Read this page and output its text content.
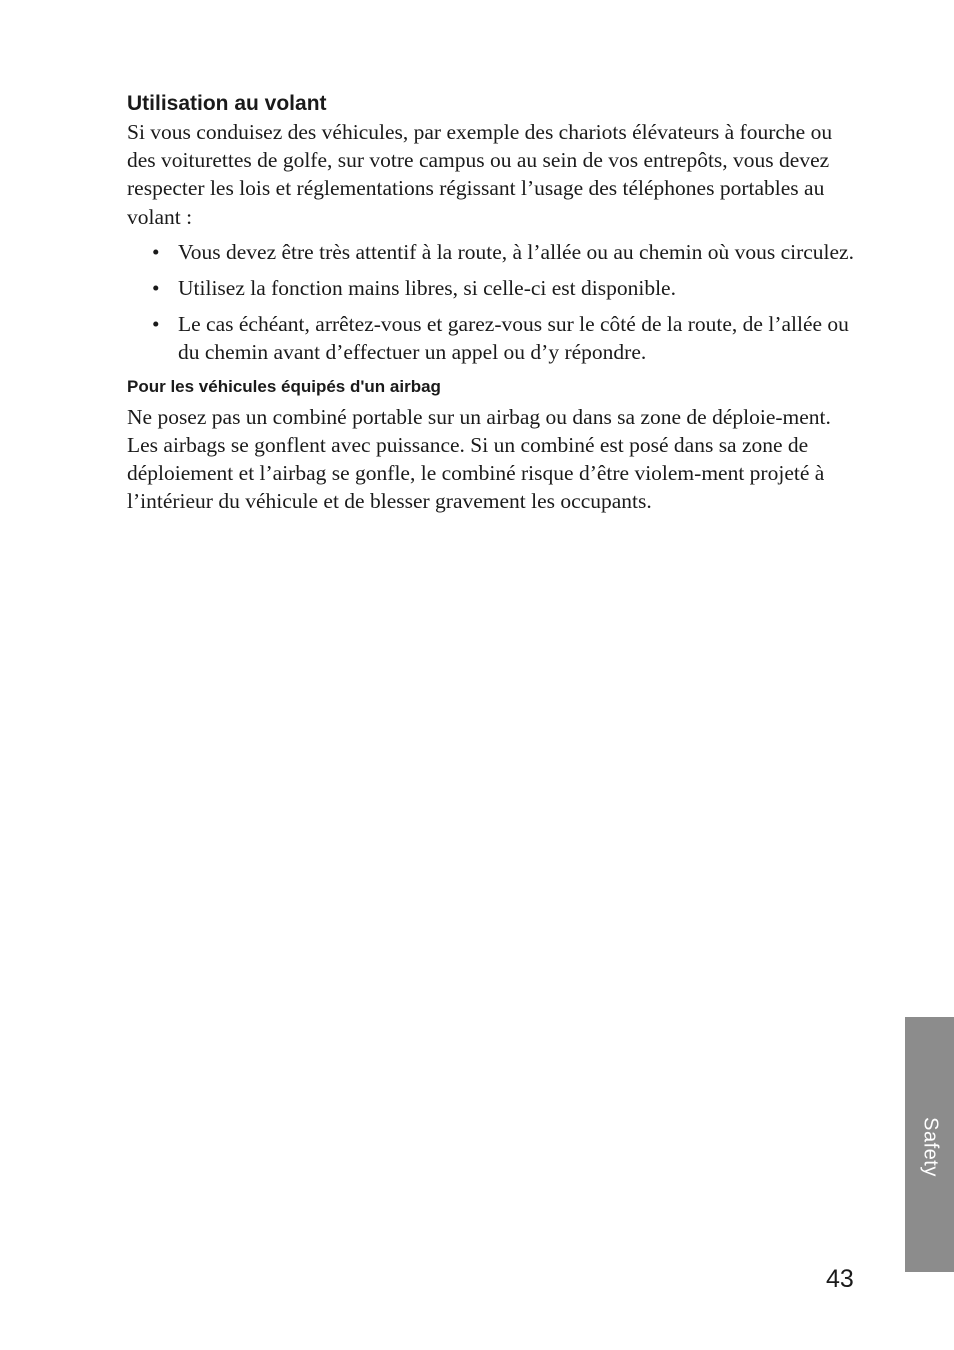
Utilisation au volant

Si vous conduisez des véhicules, par exemple des chariots élévateurs à fourche ou des voiturettes de golfe, sur votre campus ou au sein de vos entrepôts, vous devez respecter les lois et réglementations régissant l’usage des téléphones portables au volant :

• Vous devez être très attentif à la route, à l’allée ou au chemin où vous circulez.
• Utilisez la fonction mains libres, si celle-ci est disponible.
• Le cas échéant, arrêtez-vous et garez-vous sur le côté de la route, de l’allée ou du chemin avant d’effectuer un appel ou d’y répondre.
Pour les véhicules équipés d'un airbag

Ne posez pas un combiné portable sur un airbag ou dans sa zone de déploie-ment. Les airbags se gonflent avec puissance. Si un combiné est posé dans sa zone de déploiement et l’airbag se gonfle, le combiné risque d’être violem-ment projeté à l’intérieur du véhicule et de blesser gravement les occupants.

Safety
43
